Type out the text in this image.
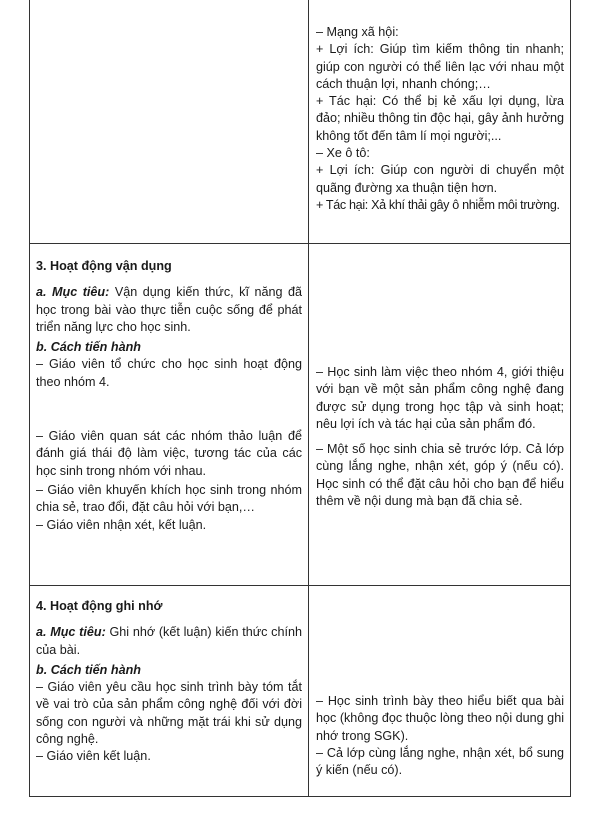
– Mạng xã hội:

+ Lợi ích: Giúp tìm kiếm thông tin nhanh; giúp con người có thể liên lạc với nhau một cách thuận lợi, nhanh chóng;…

+ Tác hại: Có thể bị kẻ xấu lợi dụng, lừa đảo; nhiều thông tin độc hại, gây ảnh hưởng không tốt đến tâm lí mọi người;...

– Xe ô tô:

+ Lợi ích: Giúp con người di chuyển một quãng đường xa thuận tiện hơn.

+ Tác hại: Xả khí thải gây ô nhiễm môi trường.

3. Hoạt động vận dụng

a. Mục tiêu: Vận dụng kiến thức, kĩ năng đã học trong bài vào thực tiễn cuộc sống để phát triển năng lực cho học sinh.

b. Cách tiến hành

– Giáo viên tổ chức cho học sinh hoạt động theo nhóm 4.

– Giáo viên quan sát các nhóm thảo luận để đánh giá thái độ làm việc, tương tác của các học sinh trong nhóm với nhau.

– Giáo viên khuyến khích học sinh trong nhóm chia sẻ, trao đổi, đặt câu hỏi với bạn,…

– Giáo viên nhận xét, kết luận.

– Học sinh làm việc theo nhóm 4, giới thiệu với bạn về một sản phẩm công nghệ đang được sử dụng trong học tập và sinh hoạt; nêu lợi ích và tác hại của sản phẩm đó.

– Một số học sinh chia sẻ trước lớp. Cả lớp cùng lắng nghe, nhận xét, góp ý (nếu có). Học sinh có thể đặt câu hỏi cho bạn để hiểu thêm về nội dung mà bạn đã chia sẻ.

4. Hoạt động ghi nhớ

a. Mục tiêu: Ghi nhớ (kết luận) kiến thức chính của bài.

b. Cách tiến hành

– Giáo viên yêu cầu học sinh trình bày tóm tắt về vai trò của sản phẩm công nghệ đối với đời sống con người và những mặt trái khi sử dụng công nghệ.

– Giáo viên kết luận.

– Học sinh trình bày theo hiểu biết qua bài học (không đọc thuộc lòng theo nội dung ghi nhớ trong SGK).

– Cả lớp cùng lắng nghe, nhận xét, bổ sung ý kiến (nếu có).
